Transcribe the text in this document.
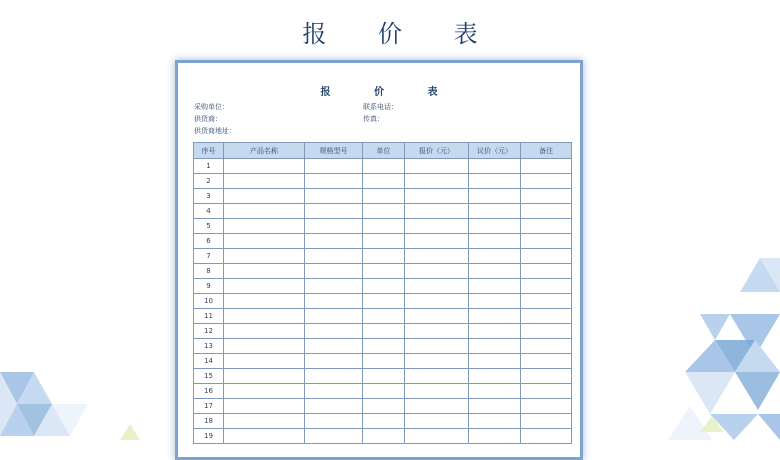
报 价 表
报 价 表
采购单位：
供货商：
供货商地址：
联系电话：
传真：
序号	产品名称	规格型号	单位	报价（元）	议价（元）	备注
1						
2						
3						
4						
5						
6						
7						
8						
9						
10						
11						
12						
13						
14						
15						
16						
17						
18						
19						
